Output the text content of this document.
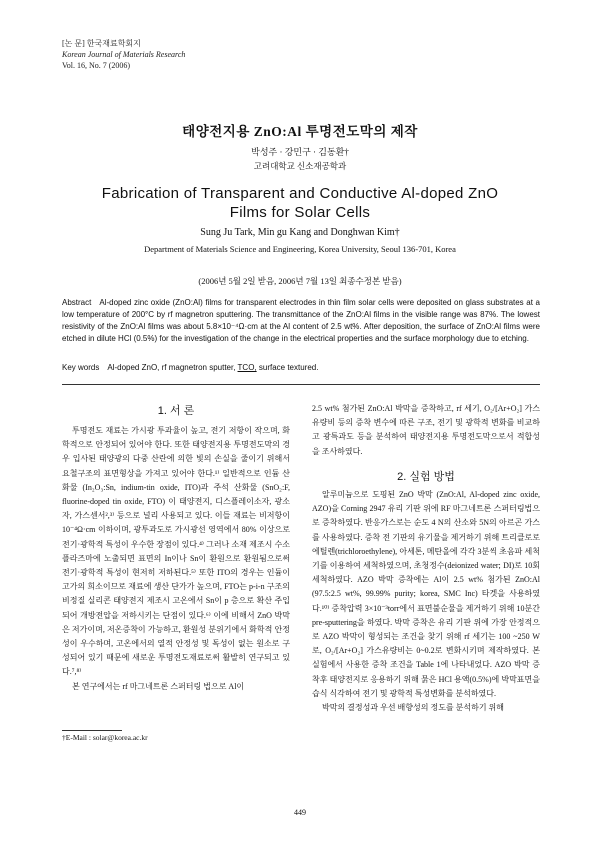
[논 문] 한국재료학회지
Korean Journal of Materials Research
Vol. 16, No. 7 (2006)
태양전지용 ZnO:Al 투명전도막의 제작
박성주 · 강민구 · 김동환†
고려대학교 신소재공학과
Fabrication of Transparent and Conductive Al-doped ZnO
Films for Solar Cells
Sung Ju Tark, Min gu Kang and Donghwan Kim†
Department of Materials Science and Engineering, Korea University, Seoul 136-701, Korea
(2006년 5월 2일 받음, 2006년 7월 13일 최종수정본 받음)
Abstract Al-doped zinc oxide (ZnO:Al) films for transparent electrodes in thin film solar cells were deposited on glass substrates at a low temperature of 200°C by rf magnetron sputtering. The transmittance of the ZnO:Al films in the visible range was 87%. The lowest resistivity of the ZnO:Al films was about 5.8×10⁻⁴Ω·cm at the Al content of 2.5 wt%. After deposition, the surface of ZnO:Al films were etched in dilute HCl (0.5%) for the investigation of the change in the electrical properties and the surface morphology due to etching.
Key words Al-doped ZnO, rf magnetron sputter, TCO, surface textured.
1. 서 론

투명전도 재료는 가시광 투과율이 높고, 전기 저항이 작으며, 화학적으로 안정되어 있어야 한다. 또한 태양전지용 투명전도막의 경우 입사된 태양광의 다중 산란에 의한 빛의 손실을 줄이기 위해서 요철구조의 표면형상을 가져고 있어야 한다.¹⁾ 일반적으로 인듐 산화물 (In₂O₃:Sn, indium-tin oxide, ITO)과 주석 산화물 (SnO₂:F, fluorine-doped tin oxide, FTO) 이 태양전지, 디스플레이소자, 광소자, 가스센서²,³⁾ 등으로 널리 사용되고 있다. 이들 재료는 비저항이 10⁻⁴Ω·cm 이하이며, 광투과도로 가시광선 영역에서 80% 이상으로 전기·광학적 특성이 우수한 장점이 있다.⁴⁾ 그러나 소재 제조시 수소 플라즈마에 노출되면 표면의 In이나 Sn이 환원으로 환원됨으로써 전기·광학적 특성이 현저히 저하된다.⁵⁾ 또한 ITO의 경우는 인듐이 고가의 희소이므로 재료에 생산 단가가 높으며, FTO는 p-i-n 구조의 비정질 실리콘 태양전지 제조시 고온에서 Sn이 p 층으로 확산 주입되어 개방전압을 저하시키는 단점이 있다.⁶⁾ 이에 비해서 ZnO 박막은 저가이며, 저온증착이 가능하고, 환원성 분위기에서 화학적 안정성이 우수하며, 고온에서의 열적 안정성 및 독성이 없는 원소로 구성되어 있기 때문에 새로운 투명전도재료로써 활발히 연구되고 있다.⁷,⁸⁾

본 연구에서는 rf 마그네트론 스퍼터링 법으로 Al이

2.5 wt% 첨가된 ZnO:Al 박막을 증착하고, rf 세기, O₂/[Ar+O₂] 가스유량비 등의 증착 변수에 따른 구조, 전기 및 광학적 변화를 비교하고 광특과도 등을 분석하여 태양전지용 투명전도막으로서 적합성을 조사하였다.

2. 실험 방법

알루미늄으로 도핑된 ZnO 박막 (ZnO:Al, Al-doped zinc oxide, AZO)을 Corning 2947 유리 기판 위에 RF 마그네트론 스퍼터링법으로 증착하였다. 반응가스로는 순도 4 N의 산소와 5N의 아르곤 가스를 사용하였다. 증착 전 기판의 유기물을 제거하기 위해 트리클로로에틸렌(trichloroethylene), 아세톤, 메탄올에 각각 3분씩 초음파 세척기를 이용하여 세척하였으며, 초청정수(deionized water; DI)로 10회 세척하였다. AZO 박막 증착에는 Al이 2.5 wt% 첨가된 ZnO:Al (97.5:2.5 wt%, 99.99% purity; korea, SMC Inc) 타겟을 사용하였다.¹⁰⁾ 증착압력 3×10⁻³torr에서 표면불순물을 제거하기 위해 10분간 pre-sputtering을 하였다. 박막 증착은 유리 기판 위에 가장 안정적으로 AZO 박막이 형성되는 조건을 찾기 위해 rf 세기는 100 ~250 W로, O₂/[Ar+O₂] 가스유량비는 0~0.2로 변화시키며 제작하였다. 본 실험에서 사용한 증착 조건을 Table 1에 나타내었다. AZO 박막 증착후 태양전지로 응용하기 위해 묽은 HCl 용액(0.5%)에 박막표면을 습식 식각하여 전기 및 광학적 특성변화를 분석하였다.

박막의 결정성과 우선 배향성의 정도를 분석하기 위해

†E-Mail : solar@korea.ac.kr
449
